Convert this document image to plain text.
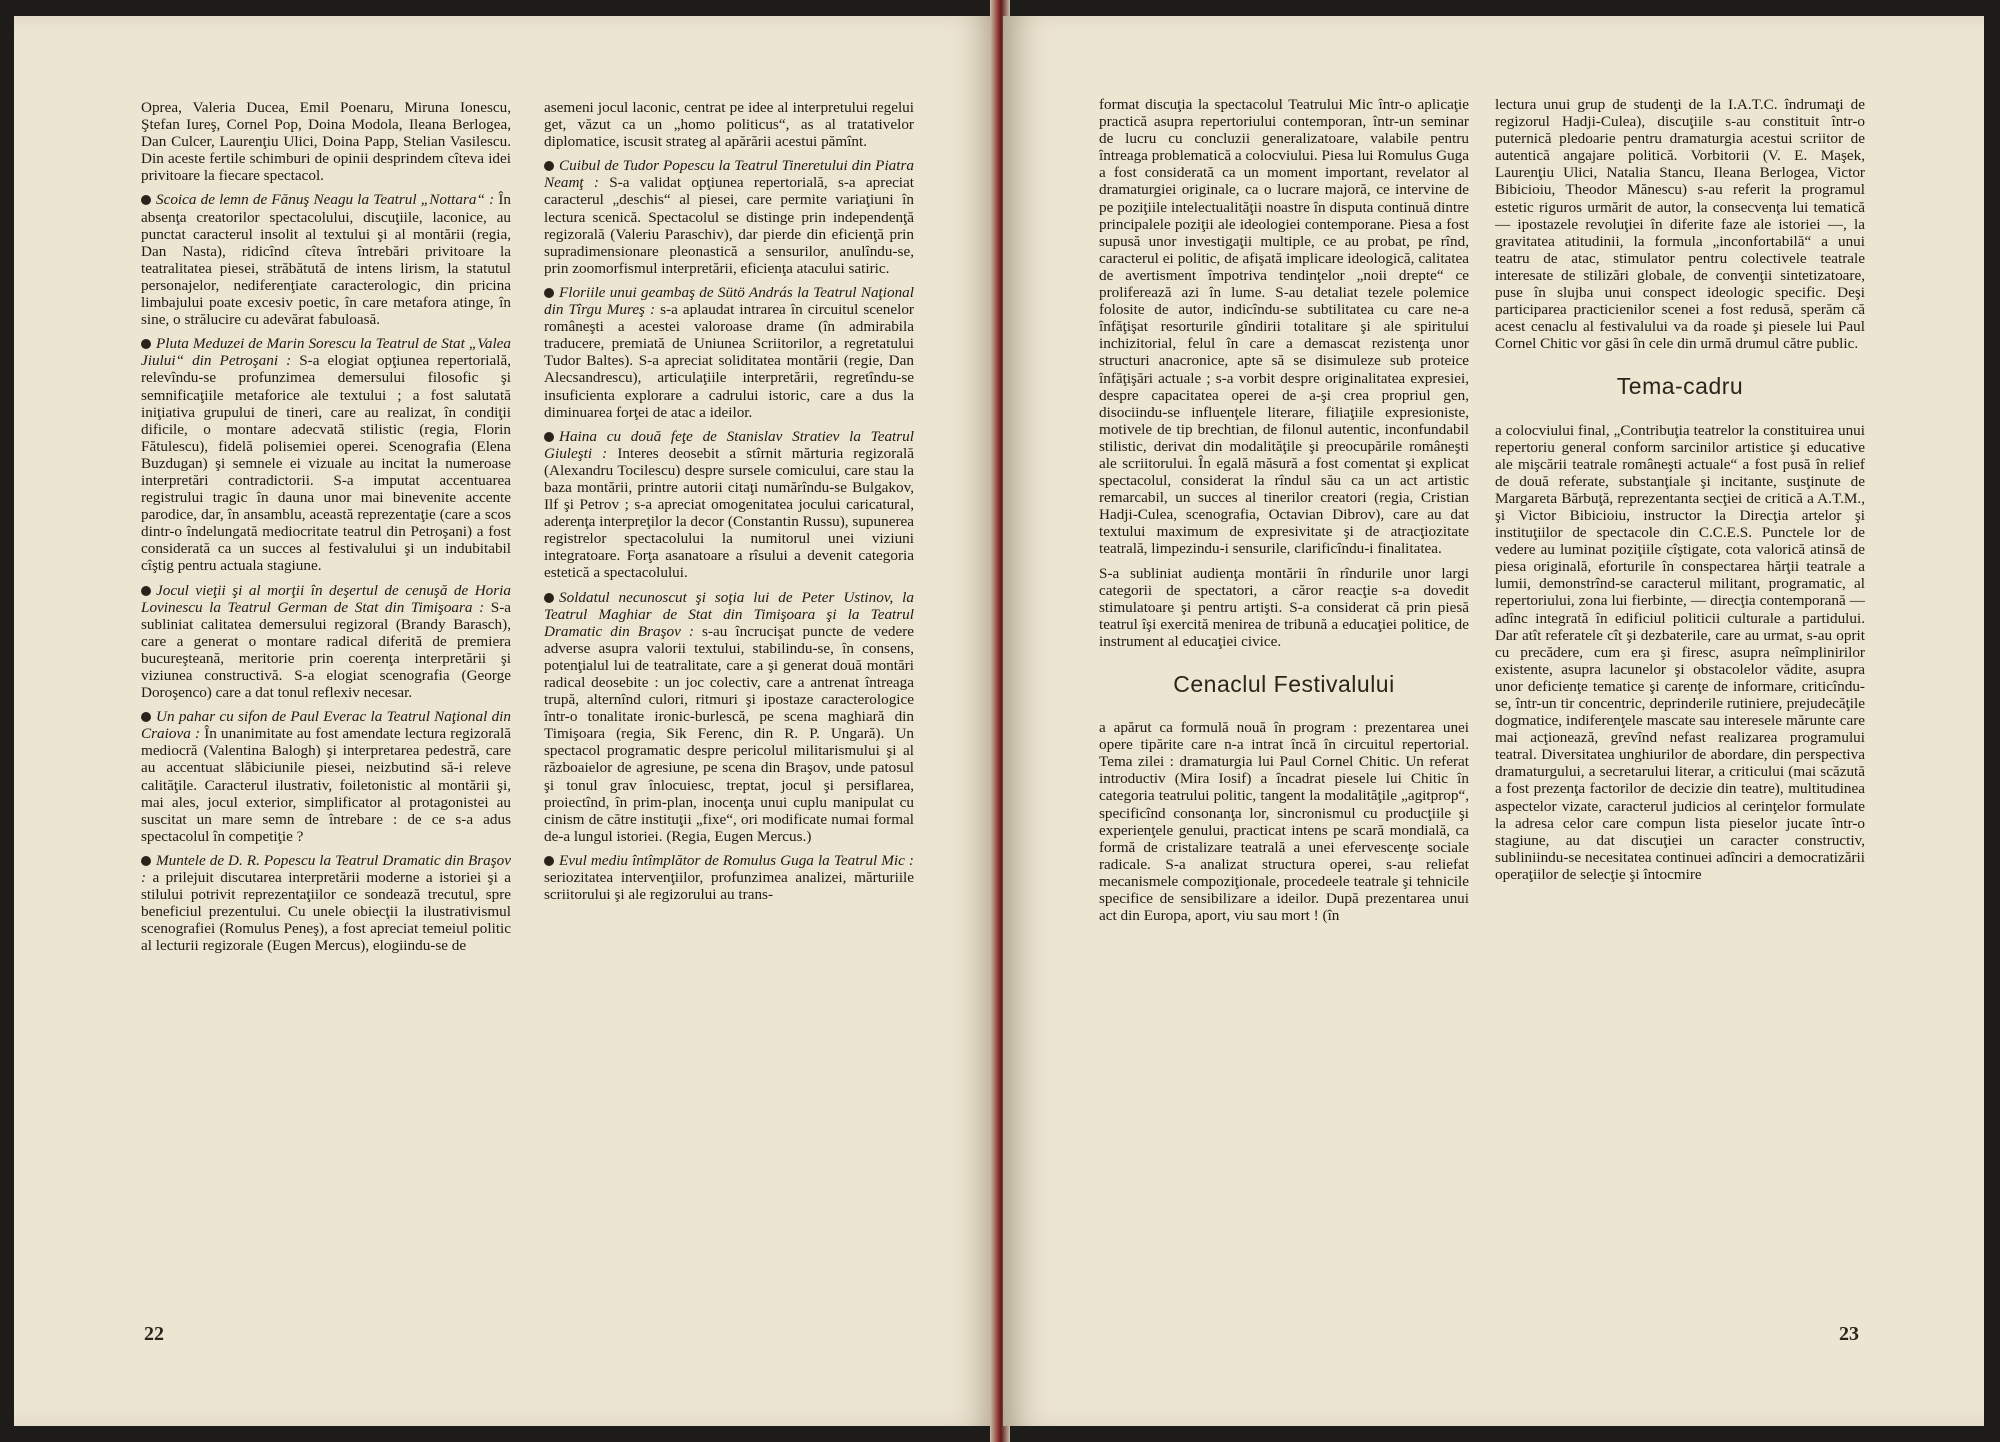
Oprea, Valeria Ducea, Emil Poenaru, Miruna Ionescu, Ştefan Iureş, Cornel Pop, Doina Modola, Ileana Berlogea, Dan Culcer, Laurenţiu Ulici, Doina Papp, Stelian Vasilescu. Din aceste fertile schimburi de opinii desprindem cîteva idei privitoare la fiecare spectacol.

Scoica de lemn de Fănuş Neagu la Teatrul „Nottara“ : În absenţa creatorilor spectacolului, discuţiile, laconice, au punctat caracterul insolit al textului şi al montării (regia, Dan Nasta), ridicînd cîteva întrebări privitoare la teatralitatea piesei, străbătută de intens lirism, la statutul personajelor, nediferenţiate caracterologic, din pricina limbajului poate excesiv poetic, în care metafora atinge, în sine, o strălucire cu adevărat fabuloasă.

Pluta Meduzei de Marin Sorescu la Teatrul de Stat „Valea Jiului“ din Petroşani : S-a elogiat opţiunea repertorială, relevîndu-se profunzimea demersului filosofic şi semnificaţiile metaforice ale textului ; a fost salutată iniţiativa grupului de tineri, care au realizat, în condiţii dificile, o montare adecvată stilistic (regia, Florin Fătulescu), fidelă polisemiei operei. Scenografia (Elena Buzdugan) şi semnele ei vizuale au incitat la numeroase interpretări contradictorii. S-a imputat accentuarea registrului tragic în dauna unor mai binevenite accente parodice, dar, în ansamblu, această reprezentaţie (care a scos dintr-o îndelungată mediocritate teatrul din Petroşani) a fost considerată ca un succes al festivalului şi un indubitabil cîştig pentru actuala stagiune.

Jocul vieţii şi al morţii în deşertul de cenuşă de Horia Lovinescu la Teatrul German de Stat din Timişoara : S-a subliniat calitatea demersului regizoral (Brandy Barasch), care a generat o montare radical diferită de premiera bucureşteană, meritorie prin coerenţa interpretării şi viziunea constructivă. S-a elogiat scenografia (George Doroşenco) care a dat tonul reflexiv necesar.

Un pahar cu sifon de Paul Everac la Teatrul Naţional din Craiova : În unanimitate au fost amendate lectura regizorală mediocră (Valentina Balogh) şi interpretarea pedestră, care au accentuat slăbiciunile piesei, neizbutind să-i releve calităţile. Caracterul ilustrativ, foiletonistic al montării şi, mai ales, jocul exterior, simplificator al protagonistei au suscitat un mare semn de întrebare : de ce s-a adus spectacolul în competiţie ?

Muntele de D. R. Popescu la Teatrul Dramatic din Braşov : a prilejuit discutarea interpretării moderne a istoriei şi a stilului potrivit reprezentaţiilor ce sondează trecutul, spre beneficiul prezentului. Cu unele obiecţii la ilustrativismul scenografiei (Romulus Peneş), a fost apreciat temeiul politic al lecturii regizorale (Eugen Mercus), elogiindu-se de

asemeni jocul laconic, centrat pe idee al interpretului regelui get, văzut ca un „homo politicus“, as al tratativelor diplomatice, iscusit strateg al apărării acestui pămînt.

Cuibul de Tudor Popescu la Teatrul Tineretului din Piatra Neamţ : S-a validat opţiunea repertorială, s-a apreciat caracterul „deschis“ al piesei, care permite variaţiuni în lectura scenică. Spectacolul se distinge prin independenţă regizorală (Valeriu Paraschiv), dar pierde din eficienţă prin supradimensionare pleonastică a sensurilor, anulîndu-se, prin zoomorfismul interpretării, eficienţa atacului satiric.

Floriile unui geambaş de Sütö András la Teatrul Naţional din Tîrgu Mureş : s-a aplaudat intrarea în circuitul scenelor româneşti a acestei valoroase drame (în admirabila traducere, premiată de Uniunea Scriitorilor, a regretatului Tudor Baltes). S-a apreciat soliditatea montării (regie, Dan Alecsandrescu), articulaţiile interpretării, regretîndu-se insuficienta explorare a cadrului istoric, care a dus la diminuarea forţei de atac a ideilor.

Haina cu două feţe de Stanislav Stratiev la Teatrul Giuleşti : Interes deosebit a stîrnit mărturia regizorală (Alexandru Tocilescu) despre sursele comicului, care stau la baza montării, printre autorii citaţi numărîndu-se Bulgakov, Ilf şi Petrov ; s-a apreciat omogenitatea jocului caricatural, aderenţa interpreţilor la decor (Constantin Russu), supunerea registrelor spectacolului la numitorul unei viziuni integratoare. Forţa asanatoare a rîsului a devenit categoria estetică a spectacolului.

Soldatul necunoscut şi soţia lui de Peter Ustinov, la Teatrul Maghiar de Stat din Timişoara şi la Teatrul Dramatic din Braşov : s-au încrucişat puncte de vedere adverse asupra valorii textului, stabilindu-se, în consens, potenţialul lui de teatralitate, care a şi generat două montări radical deosebite : un joc colectiv, care a antrenat întreaga trupă, alternînd culori, ritmuri şi ipostaze caracterologice într-o tonalitate ironic-burlescă, pe scena maghiară din Timişoara (regia, Sik Ferenc, din R. P. Ungară). Un spectacol programatic despre pericolul militarismului şi al războaielor de agresiune, pe scena din Braşov, unde patosul şi tonul grav înlocuiesc, treptat, jocul şi persiflarea, proiectînd, în prim-plan, inocenţa unui cuplu manipulat cu cinism de către instituţii „fixe“, ori modificate numai formal de-a lungul istoriei. (Regia, Eugen Mercus.)

Evul mediu întîmplător de Romulus Guga la Teatrul Mic : seriozitatea intervenţiilor, profunzimea analizei, mărturiile scriitorului şi ale regizorului au trans-

22

format discuţia la spectacolul Teatrului Mic într-o aplicaţie practică asupra repertoriului contemporan, într-un seminar de lucru cu concluzii generalizatoare, valabile pentru întreaga problematică a colocviului. Piesa lui Romulus Guga a fost considerată ca un moment important, revelator al dramaturgiei originale, ca o lucrare majoră, ce intervine de pe poziţiile intelectualităţii noastre în disputa continuă dintre principalele poziţii ale ideologiei contemporane. Piesa a fost supusă unor investigaţii multiple, ce au probat, pe rînd, caracterul ei politic, de afişată implicare ideologică, calitatea de avertisment împotriva tendinţelor „noii drepte“ ce proliferează azi în lume. S-au detaliat tezele polemice folosite de autor, indicîndu-se subtilitatea cu care ne-a înfăţişat resorturile gîndirii totalitare şi ale spiritului inchizitorial, felul în care a demascat rezistenţa unor structuri anacronice, apte să se disimuleze sub proteice înfăţişări actuale ; s-a vorbit despre originalitatea expresiei, despre capacitatea operei de a-şi crea propriul gen, disociindu-se influenţele literare, filiaţiile expresioniste, motivele de tip brechtian, de filonul autentic, inconfundabil stilistic, derivat din modalităţile şi preocupările româneşti ale scriitorului. În egală măsură a fost comentat şi explicat spectacolul, considerat la rîndul său ca un act artistic remarcabil, un succes al tinerilor creatori (regia, Cristian Hadji-Culea, scenografia, Octavian Dibrov), care au dat textului maximum de expresivitate şi de atracţiozitate teatrală, limpezindu-i sensurile, clarificîndu-i finalitatea.

S-a subliniat audienţa montării în rîndurile unor largi categorii de spectatori, a căror reacţie s-a dovedit stimulatoare şi pentru artişti. S-a considerat că prin piesă teatrul îşi exercită menirea de tribună a educaţiei politice, de instrument al educaţiei civice.

Cenaclul Festivalului

a apărut ca formulă nouă în program : prezentarea unei opere tipărite care n-a intrat încă în circuitul repertorial. Tema zilei : dramaturgia lui Paul Cornel Chitic. Un referat introductiv (Mira Iosif) a încadrat piesele lui Chitic în categoria teatrului politic, tangent la modalităţile „agitprop“, specificînd consonanţa lor, sincronismul cu producţiile şi experienţele genului, practicat intens pe scară mondială, ca formă de cristalizare teatrală a unei efervescenţe sociale radicale. S-a analizat structura operei, s-au reliefat mecanismele compoziţionale, procedeele teatrale şi tehnicile specifice de sensibilizare a ideilor. După prezentarea unui act din Europa, aport, viu sau mort ! (în

lectura unui grup de studenţi de la I.A.T.C. îndrumaţi de regizorul Hadji-Culea), discuţiile s-au constituit într-o puternică pledoarie pentru dramaturgia acestui scriitor de autentică angajare politică. Vorbitorii (V. E. Maşek, Laurenţiu Ulici, Natalia Stancu, Ileana Berlogea, Victor Bibicioiu, Theodor Mănescu) s-au referit la programul estetic riguros urmărit de autor, la consecvenţa lui tematică — ipostazele revoluţiei în diferite faze ale istoriei —, la gravitatea atitudinii, la formula „inconfortabilă“ a unui teatru de atac, stimulator pentru colectivele teatrale interesate de stilizări globale, de convenţii sintetizatoare, puse în slujba unui conspect ideologic specific. Deşi participarea practicienilor scenei a fost redusă, sperăm că acest cenaclu al festivalului va da roade şi piesele lui Paul Cornel Chitic vor găsi în cele din urmă drumul către public.

Tema-cadru

a colocviului final, „Contribuţia teatrelor la constituirea unui repertoriu general conform sarcinilor artistice şi educative ale mişcării teatrale româneşti actuale“ a fost pusă în relief de două referate, substanţiale şi incitante, susţinute de Margareta Bărbuţă, reprezentanta secţiei de critică a A.T.M., şi Victor Bibicioiu, instructor la Direcţia artelor şi instituţiilor de spectacole din C.C.E.S. Punctele lor de vedere au luminat poziţiile cîştigate, cota valorică atinsă de piesa originală, eforturile în conspectarea hărţii teatrale a lumii, demonstrînd-se caracterul militant, programatic, al repertoriului, zona lui fierbinte, — direcţia contemporană — adînc integrată în edificiul politicii culturale a partidului. Dar atît referatele cît şi dezbaterile, care au urmat, s-au oprit cu precădere, cum era şi firesc, asupra neîmplinirilor existente, asupra lacunelor şi obstacolelor vădite, asupra unor deficienţe tematice şi carenţe de informare, criticîndu-se, într-un tir concentric, deprinderile rutiniere, prejudecăţile dogmatice, indiferenţele mascate sau interesele mărunte care mai acţionează, grevînd nefast realizarea programului teatral. Diversitatea unghiurilor de abordare, din perspectiva dramaturgului, a secretarului literar, a criticului (mai scăzută a fost prezenţa factorilor de decizie din teatre), multitudinea aspectelor vizate, caracterul judicios al cerinţelor formulate la adresa celor care compun lista pieselor jucate într-o stagiune, au dat discuţiei un caracter constructiv, subliniindu-se necesitatea continuei adînciri a democratizării operaţiilor de selecţie şi întocmire

23
